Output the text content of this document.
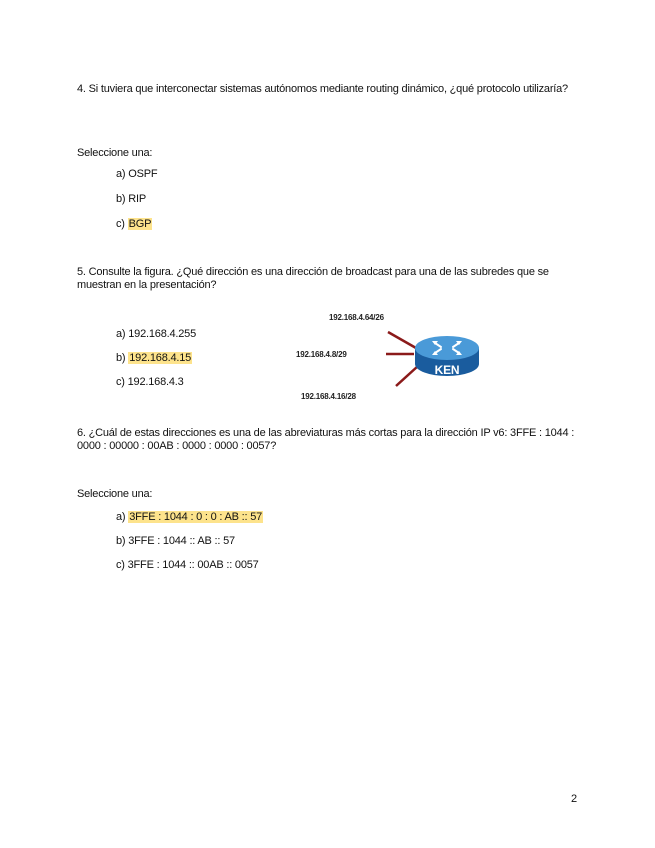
4. Si tuviera que interconectar sistemas autónomos mediante routing dinámico, ¿qué protocolo utilizaría?
Seleccione una:
a) OSPF
b) RIP
c) BGP
5. Consulte la figura. ¿Qué dirección es una dirección de broadcast para una de las subredes que se muestran en la presentación?
a) 192.168.4.255
b) 192.168.4.15
c) 192.168.4.3
KEN
192.168.4.64/26
192.168.4.8/29
192.168.4.16/28
6. ¿Cuál de estas direcciones es una de las abreviaturas más cortas para la dirección IP v6: 3FFE : 1044 : 0000 : 00000 : 00AB : 0000 : 0000 : 0057?
Seleccione una:
a) 3FFE : 1044 : 0 : 0 : AB :: 57
b) 3FFE : 1044 :: AB :: 57
c) 3FFE : 1044 :: 00AB :: 0057
2
